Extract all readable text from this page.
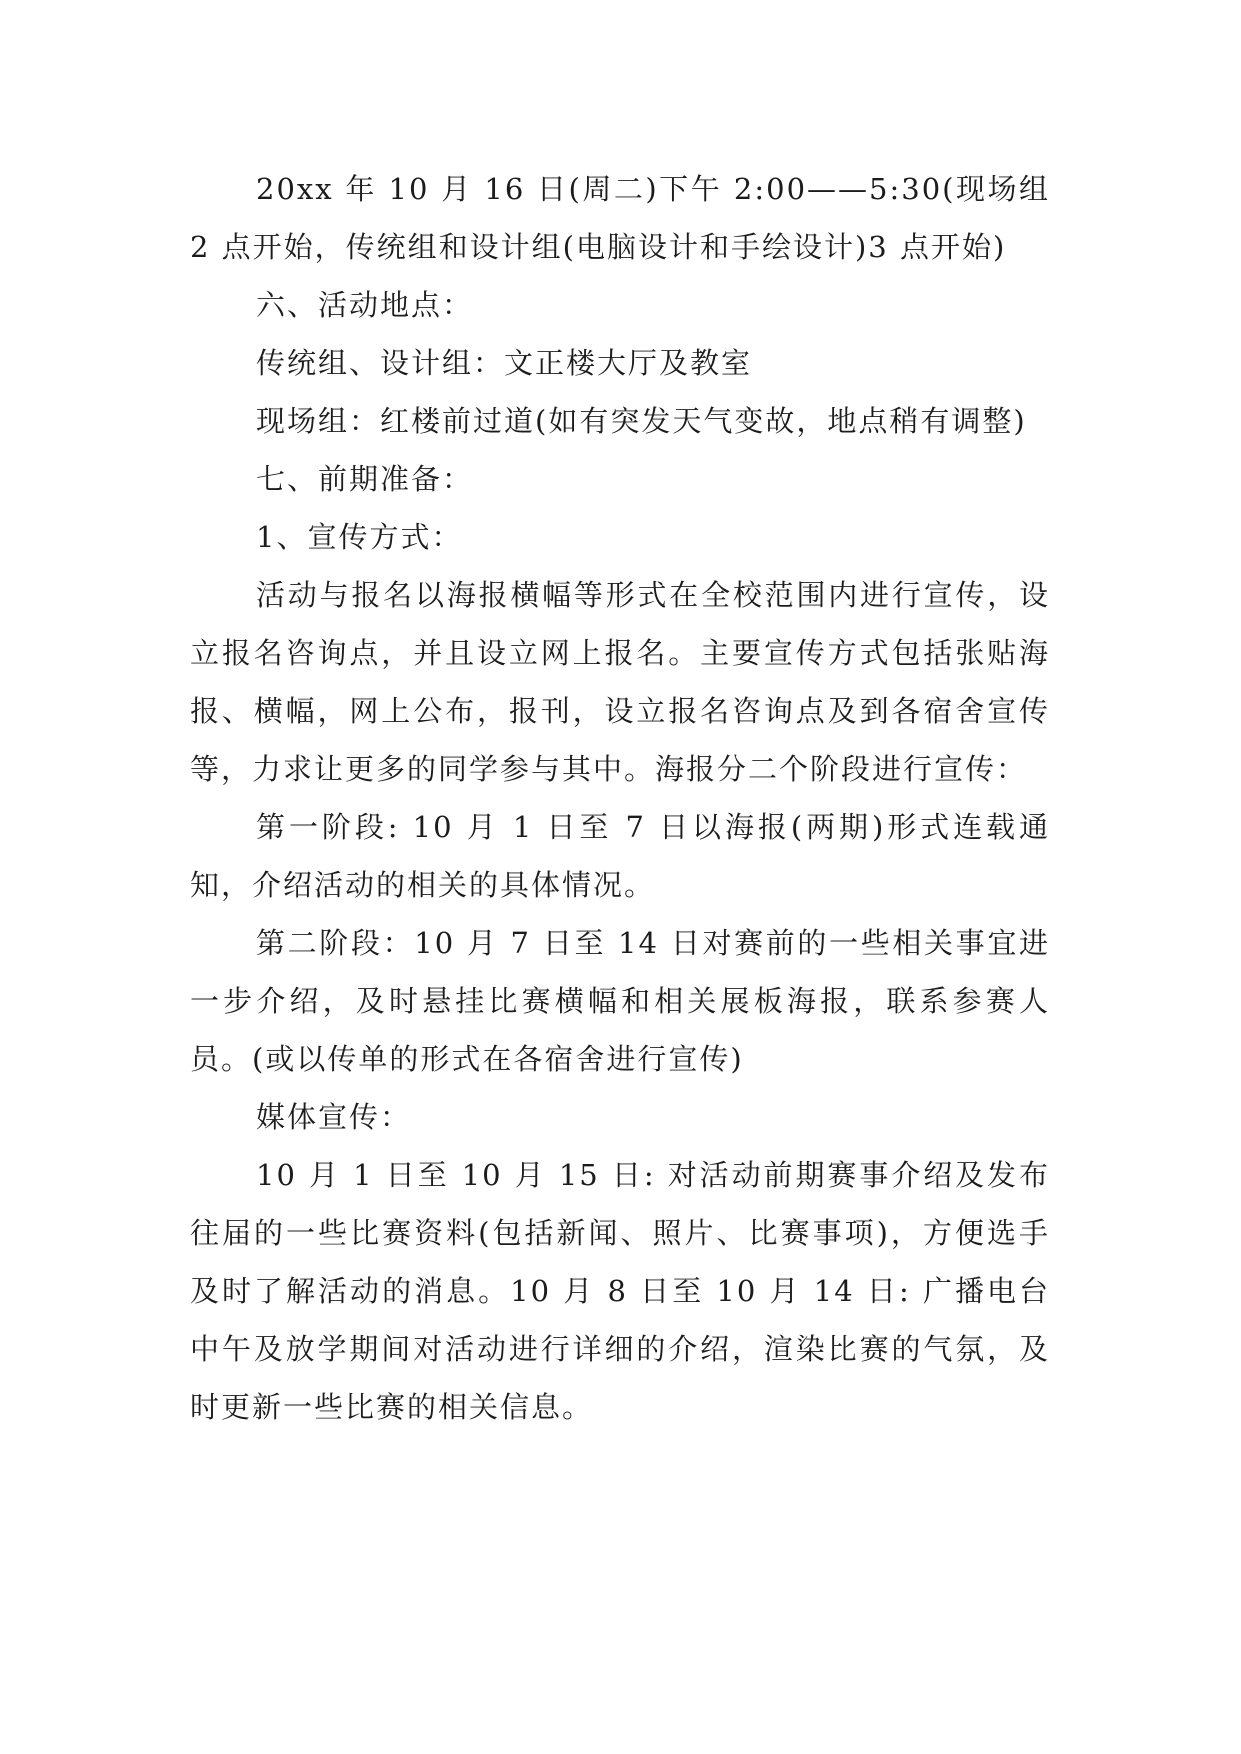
20xx 年 10 月 16 日(周二)下午 2:00——5:30(现场组 2 点开始，传统组和设计组(电脑设计和手绘设计)3 点开始)

六、活动地点：

传统组、设计组：文正楼大厅及教室

现场组：红楼前过道(如有突发天气变故，地点稍有调整)

七、前期准备：

1、宣传方式：

活动与报名以海报横幅等形式在全校范围内进行宣传，设立报名咨询点，并且设立网上报名。主要宣传方式包括张贴海报、横幅，网上公布，报刊，设立报名咨询点及到各宿舍宣传等，力求让更多的同学参与其中。海报分二个阶段进行宣传：

第一阶段: 10 月 1 日至 7 日以海报(两期)形式连载通知，介绍活动的相关的具体情况。

第二阶段：10 月 7 日至 14 日对赛前的一些相关事宜进一步介绍，及时悬挂比赛横幅和相关展板海报，联系参赛人员。(或以传单的形式在各宿舍进行宣传)

媒体宣传：

10 月 1 日至 10 月 15 日: 对活动前期赛事介绍及发布往届的一些比赛资料(包括新闻、照片、比赛事项)，方便选手及时了解活动的消息。10 月 8 日至 10 月 14 日: 广播电台中午及放学期间对活动进行详细的介绍，渲染比赛的气氛，及时更新一些比赛的相关信息。
